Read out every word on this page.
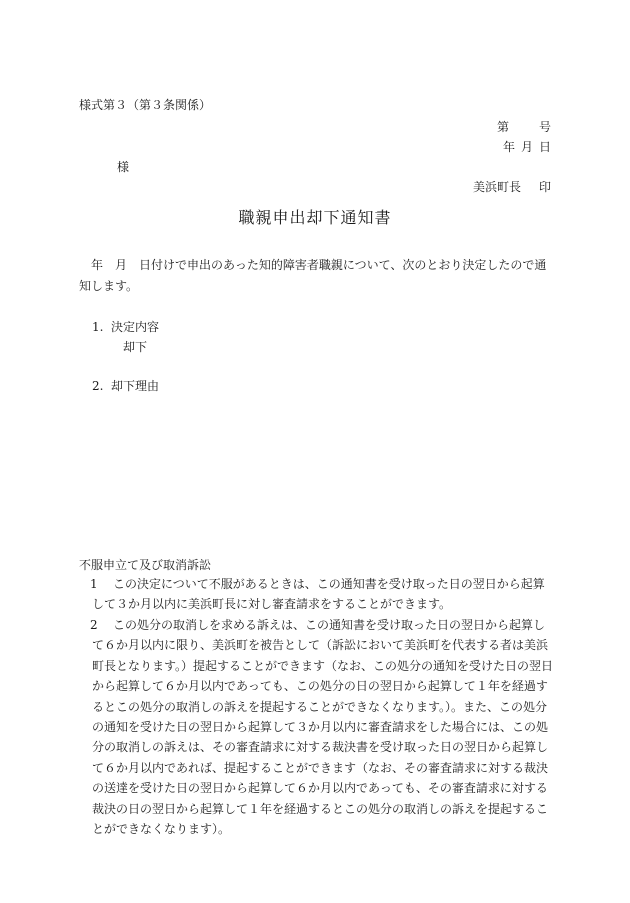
様式第３（第３条関係）
第	号
年 月 日
様
美浜町長 印
職親申出却下通知書
年　月　日付けで申出のあった知的障害者職親について、次のとおり決定したので通知します。
1. 決定内容
却下
2. 却下理由
不服申立て及び取消訴訟
1	この決定について不服があるときは、この通知書を受け取った日の翌日から起算して３か月以内に美浜町長に対し審査請求をすることができます。
2	この処分の取消しを求める訴えは、この通知書を受け取った日の翌日から起算して６か月以内に限り、美浜町を被告として（訴訟において美浜町を代表する者は美浜町長となります。）提起することができます（なお、この処分の通知を受けた日の翌日から起算して６か月以内であっても、この処分の日の翌日から起算して１年を経過するとこの処分の取消しの訴えを提起することができなくなります。）。また、この処分の通知を受けた日の翌日から起算して３か月以内に審査請求をした場合には、この処分の取消しの訴えは、その審査請求に対する裁決書を受け取った日の翌日から起算して６か月以内であれば、提起することができます（なお、その審査請求に対する裁決の送達を受けた日の翌日から起算して６か月以内であっても、その審査請求に対する裁決の日の翌日から起算して１年を経過するとこの処分の取消しの訴えを提起することができなくなります）。
